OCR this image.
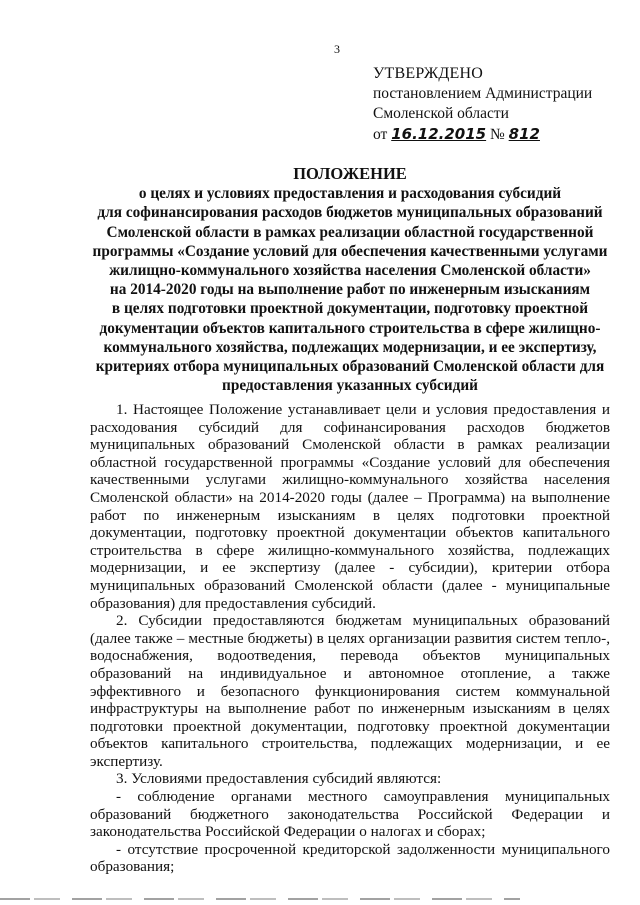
3
УТВЕРЖДЕНО
постановлением Администрации
Смоленской области
от 16.12.2015 № 812
ПОЛОЖЕНИЕ
о целях и условиях предоставления и расходования субсидий
для софинансирования расходов бюджетов муниципальных образований
Смоленской области в рамках реализации областной государственной
программы «Создание условий для обеспечения качественными услугами
жилищно-коммунального хозяйства населения Смоленской области»
на 2014-2020 годы на выполнение работ по инженерным изысканиям
в целях подготовки проектной документации, подготовку проектной
документации объектов капитального строительства в сфере жилищно-
коммунального хозяйства, подлежащих модернизации, и ее экспертизу,
критериях отбора муниципальных образований Смоленской области для
предоставления указанных субсидий

1. Настоящее Положение устанавливает цели и условия предоставления и расходования субсидий для софинансирования расходов бюджетов муниципальных образований Смоленской области в рамках реализации областной государственной программы «Создание условий для обеспечения качественными услугами жилищно-коммунального хозяйства населения Смоленской области» на 2014-2020 годы (далее – Программа) на выполнение работ по инженерным изысканиям в целях подготовки проектной документации, подготовку проектной документации объектов капитального строительства в сфере жилищно-коммунального хозяйства, подлежащих модернизации, и ее экспертизу (далее - субсидии), критерии отбора муниципальных образований Смоленской области (далее - муниципальные образования) для предоставления субсидий.

2. Субсидии предоставляются бюджетам муниципальных образований (далее также – местные бюджеты) в целях организации развития систем тепло-, водоснабжения, водоотведения, перевода объектов муниципальных образований на индивидуальное и автономное отопление, а также эффективного и безопасного функционирования систем коммунальной инфраструктуры на выполнение работ по инженерным изысканиям в целях подготовки проектной документации, подготовку проектной документации объектов капитального строительства, подлежащих модернизации, и ее экспертизу.

3. Условиями предоставления субсидий являются:

- соблюдение органами местного самоуправления муниципальных образований бюджетного законодательства Российской Федерации и законодательства Российской Федерации о налогах и сборах;

- отсутствие просроченной кредиторской задолженности муниципального образования;
